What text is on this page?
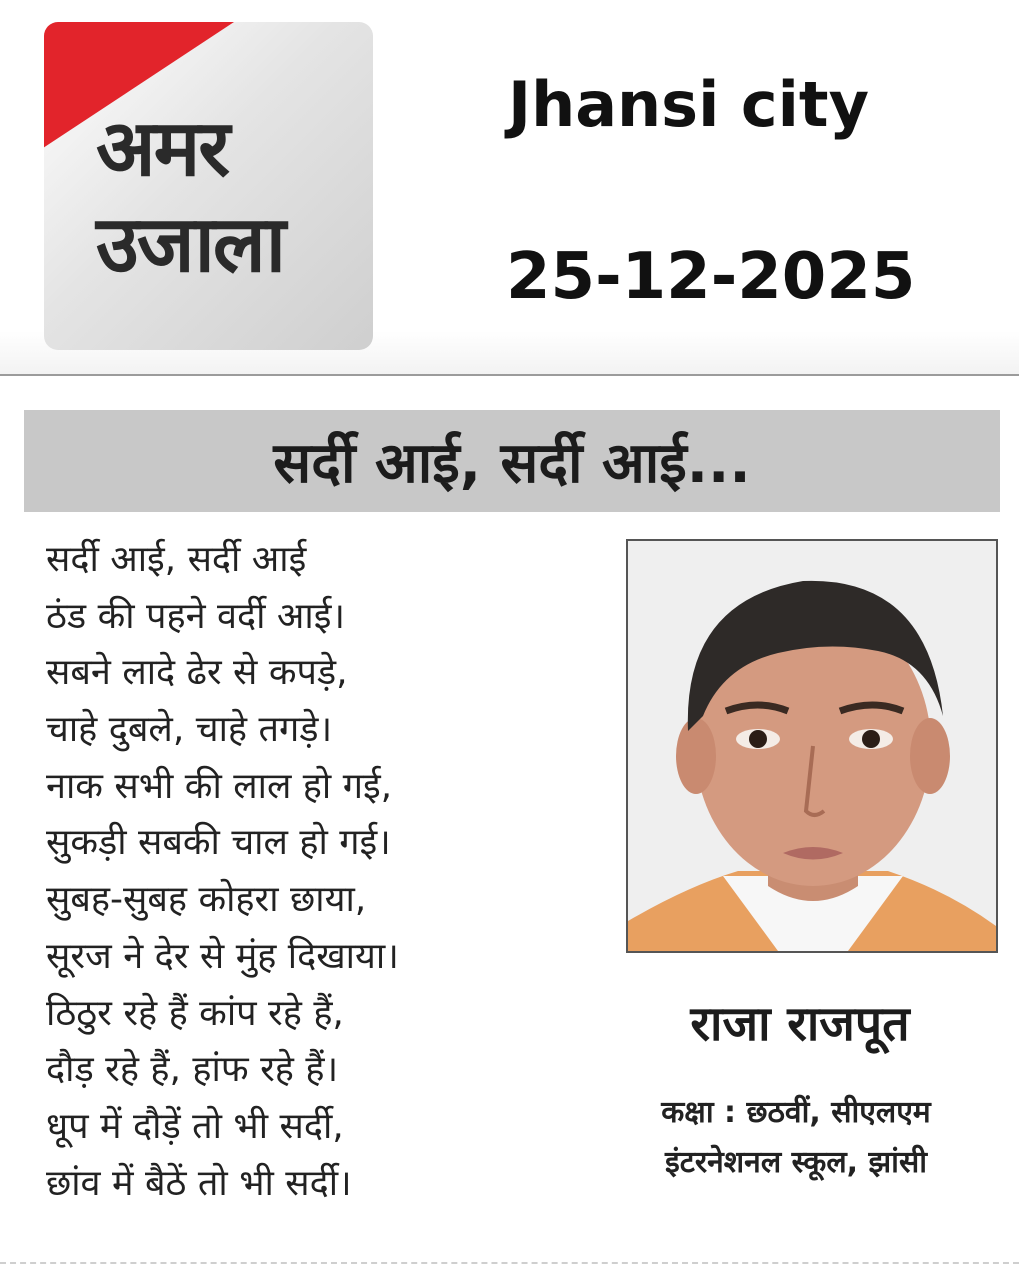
अमर
उजाला
Jhansi city
25-12-2025
सर्दी आई, सर्दी आई...
सर्दी आई, सर्दी आई
ठंड की पहने वर्दी आई।
सबने लादे ढेर से कपड़े,
चाहे दुबले, चाहे तगड़े।
नाक सभी की लाल हो गई,
सुकड़ी सबकी चाल हो गई।
सुबह-सुबह कोहरा छाया,
सूरज ने देर से मुंह दिखाया।
ठिठुर रहे हैं कांप रहे हैं,
दौड़ रहे हैं, हांफ रहे हैं।
धूप में दौड़ें तो भी सर्दी,
छांव में बैठें तो भी सर्दी।
राजा राजपूत
कक्षा : छठवीं, सीएलएम
इंटरनेशनल स्कूल, झांसी
